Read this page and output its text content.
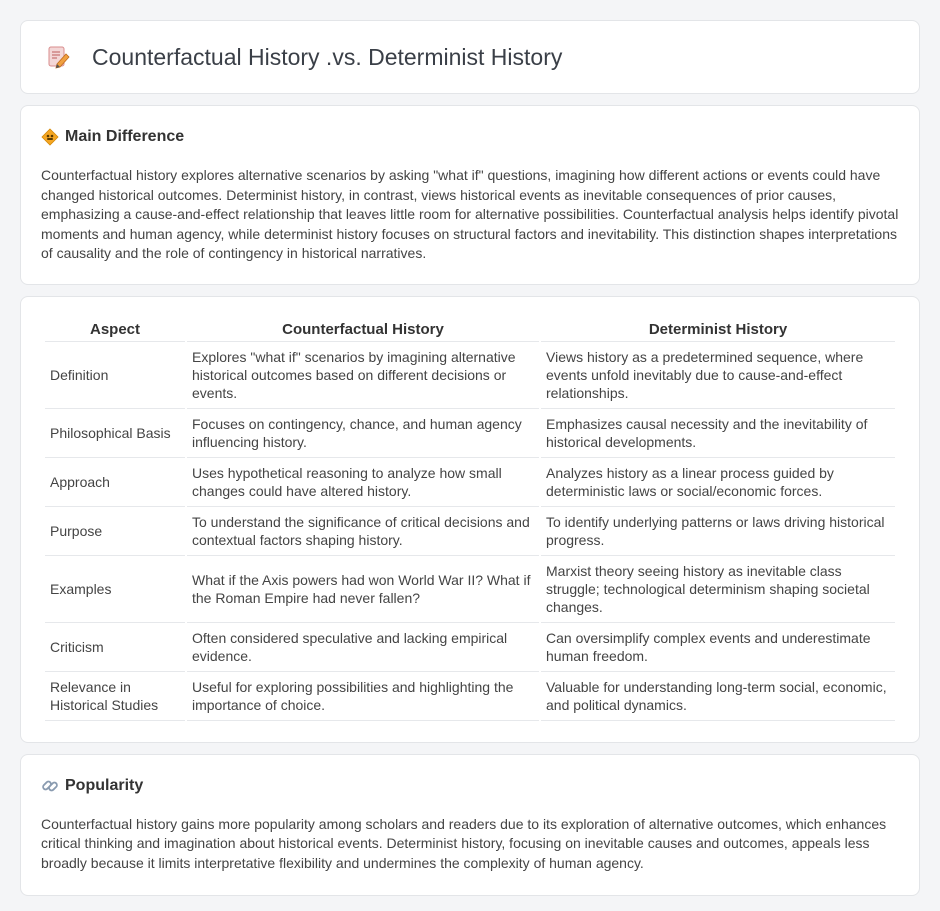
Counterfactual History .vs. Determinist History
Main Difference

Counterfactual history explores alternative scenarios by asking "what if" questions, imagining how different actions or events could have changed historical outcomes. Determinist history, in contrast, views historical events as inevitable consequences of prior causes, emphasizing a cause-and-effect relationship that leaves little room for alternative possibilities. Counterfactual analysis helps identify pivotal moments and human agency, while determinist history focuses on structural factors and inevitability. This distinction shapes interpretations of causality and the role of contingency in historical narratives.

Aspect	Counterfactual History	Determinist History
Definition	Explores "what if" scenarios by imagining alternative historical outcomes based on different decisions or events.	Views history as a predetermined sequence, where events unfold inevitably due to cause-and-effect relationships.
Philosophical Basis	Focuses on contingency, chance, and human agency influencing history.	Emphasizes causal necessity and the inevitability of historical developments.
Approach	Uses hypothetical reasoning to analyze how small changes could have altered history.	Analyzes history as a linear process guided by deterministic laws or social/economic forces.
Purpose	To understand the significance of critical decisions and contextual factors shaping history.	To identify underlying patterns or laws driving historical progress.
Examples	What if the Axis powers had won World War II? What if the Roman Empire had never fallen?	Marxist theory seeing history as inevitable class struggle; technological determinism shaping societal changes.
Criticism	Often considered speculative and lacking empirical evidence.	Can oversimplify complex events and underestimate human freedom.
Relevance in Historical Studies	Useful for exploring possibilities and highlighting the importance of choice.	Valuable for understanding long-term social, economic, and political dynamics.
Popularity

Counterfactual history gains more popularity among scholars and readers due to its exploration of alternative outcomes, which enhances critical thinking and imagination about historical events. Determinist history, focusing on inevitable causes and outcomes, appeals less broadly because it limits interpretative flexibility and undermines the complexity of human agency.
